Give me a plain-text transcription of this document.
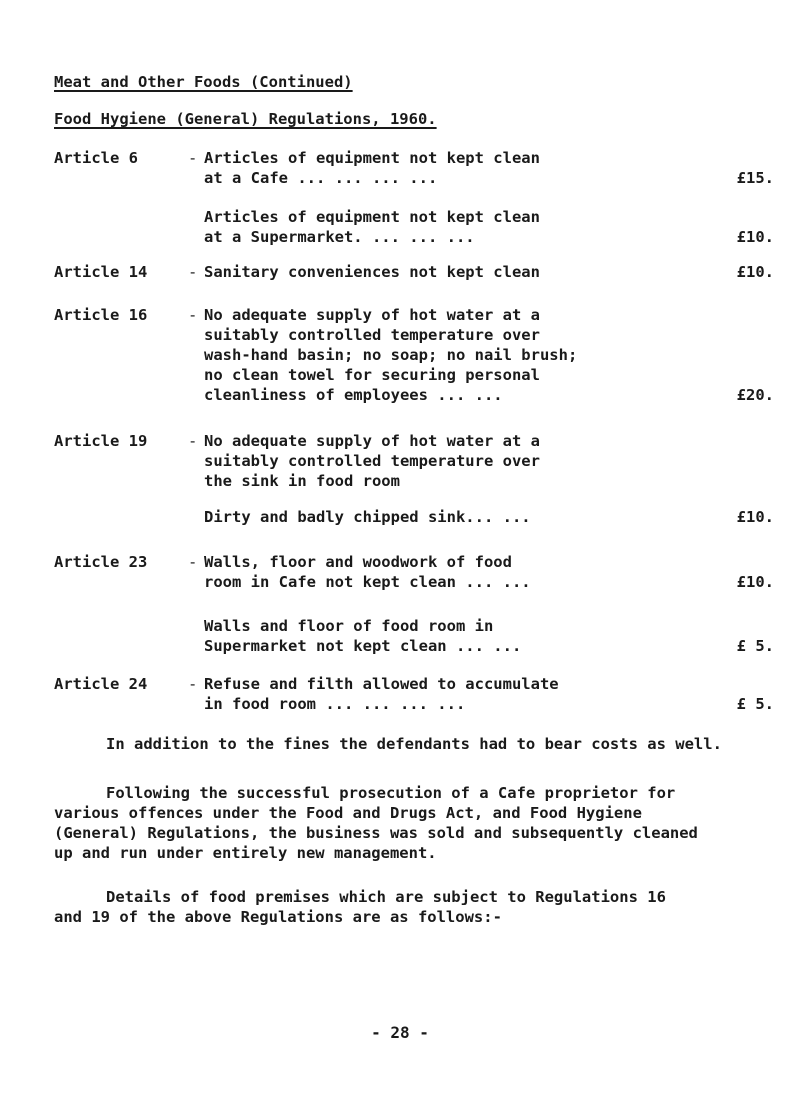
Meat and Other Foods (Continued)
Food Hygiene (General) Regulations, 1960.
Article 6	- Articles of equipment not kept clean
at a Cafe ... ... ... ...	£15.
Articles of equipment not kept clean
at a Supermarket. ... ... ...	£10.
Article 14	- Sanitary conveniences not kept clean	£10.
Article 16	- No adequate supply of hot water at a
suitably controlled temperature over
wash-hand basin; no soap; no nail brush;
no clean towel for securing personal
cleanliness of employees ... ...	£20.
Article 19	- No adequate supply of hot water at a
suitably controlled temperature over
the sink in food room
Dirty and badly chipped sink... ...	£10.
Article 23	- Walls, floor and woodwork of food
room in Cafe not kept clean ... ...	£10.
Walls and floor of food room in
Supermarket not kept clean ... ...	£ 5.
Article 24	- Refuse and filth allowed to accumulate
in food room ... ... ... ...	£ 5.
In addition to the fines the defendants had to bear costs as well.
Following the successful prosecution of a Cafe proprietor for
various offences under the Food and Drugs Act, and Food Hygiene
(General) Regulations, the business was sold and subsequently cleaned
up and run under entirely new management.
Details of food premises which are subject to Regulations 16
and 19 of the above Regulations are as follows:-
- 28 -
